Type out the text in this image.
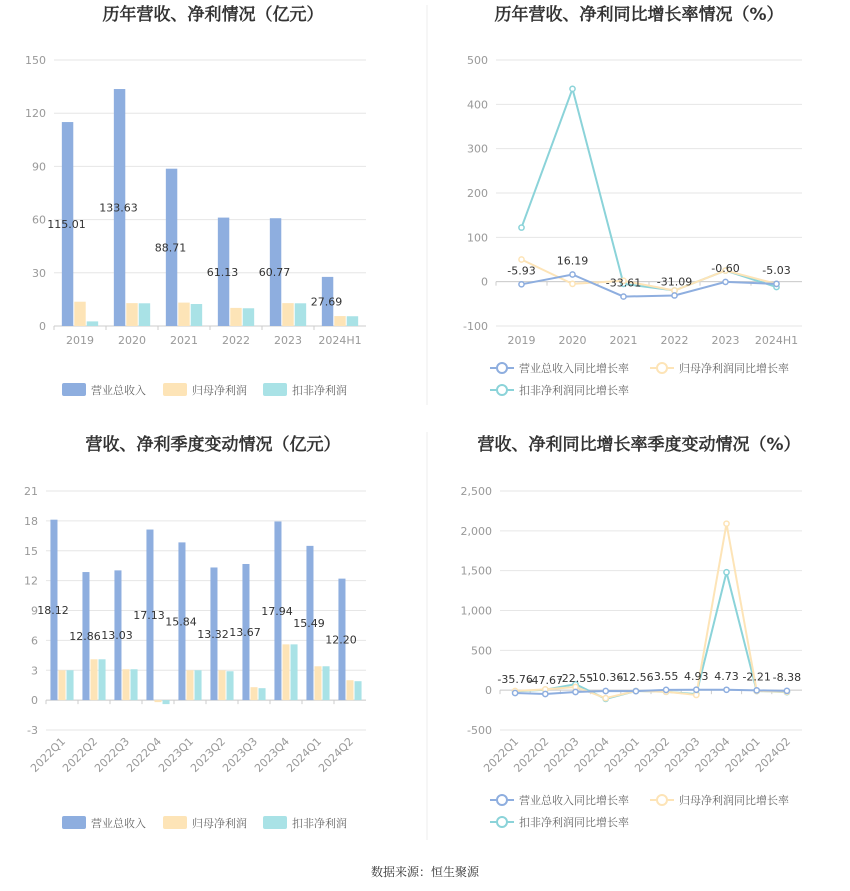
历年营收、净利情况（亿元）
0
30
60
90
120
150
2019 2020 2021 2022 2023 2024H1
115.01
133.63
88.71
61.13 60.77
27.69
营业总收入	归母净利润	扣非净利润
历年营收、净利同比增长率情况（%）
-100
0
100
200
300
400
500
2019 2020 2021 2022 2023 2024H1
-5.93
16.19
-33.61 -31.09
-0.60 -5.03
营业总收入同比增长率	归母净利润同比增长率
扣非净利润同比增长率
营收、净利季度变动情况（亿元）
-3
0
3
6
9
12
15
18
21
2022Q1
2022Q2
2022Q3
2022Q4
2023Q1
2023Q2
2023Q3
2023Q4
2024Q1
2024Q2
18.12
12.86 13.03
17.13 15.84
13.32 13.67
17.94
15.49
12.20
营业总收入	归母净利润	扣非净利润
营收、净利同比增长率季度变动情况（%）
-500
0
500
1,000
1,500
2,000
2,500
2022Q1
2022Q2
2022Q3
2022Q4
2023Q1
2023Q2
2023Q3
2023Q4
2024Q1
2024Q2
-35.76
-47.67
-22.55
-10.36
-12.56 3.55 4.93 4.73 -2.21 -8.38
营业总收入同比增长率	归母净利润同比增长率
扣非净利润同比增长率
数据来源：恒生聚源
